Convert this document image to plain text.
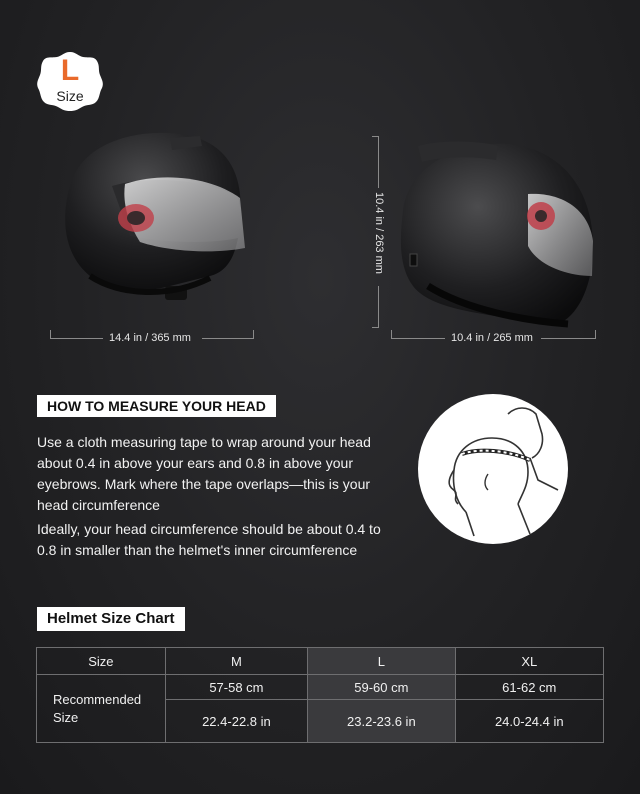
L
Size
14.4 in / 365 mm	10.4 in / 265 mm
10.4 in / 263 mm
HOW TO MEASURE YOUR HEAD
Use a cloth measuring tape to wrap around your head about 0.4 in above your ears and 0.8 in above your eyebrows. Mark where the tape overlaps—this is your head circumference
Ideally, your head circumference should be about 0.4 to 0.8 in smaller than the helmet's inner circumference
Helmet Size Chart
Size	M	L	XL
Recommended Size	57-58 cm	59-60 cm	61-62 cm
	22.4-22.8 in	23.2-23.6 in	24.0-24.4 in
